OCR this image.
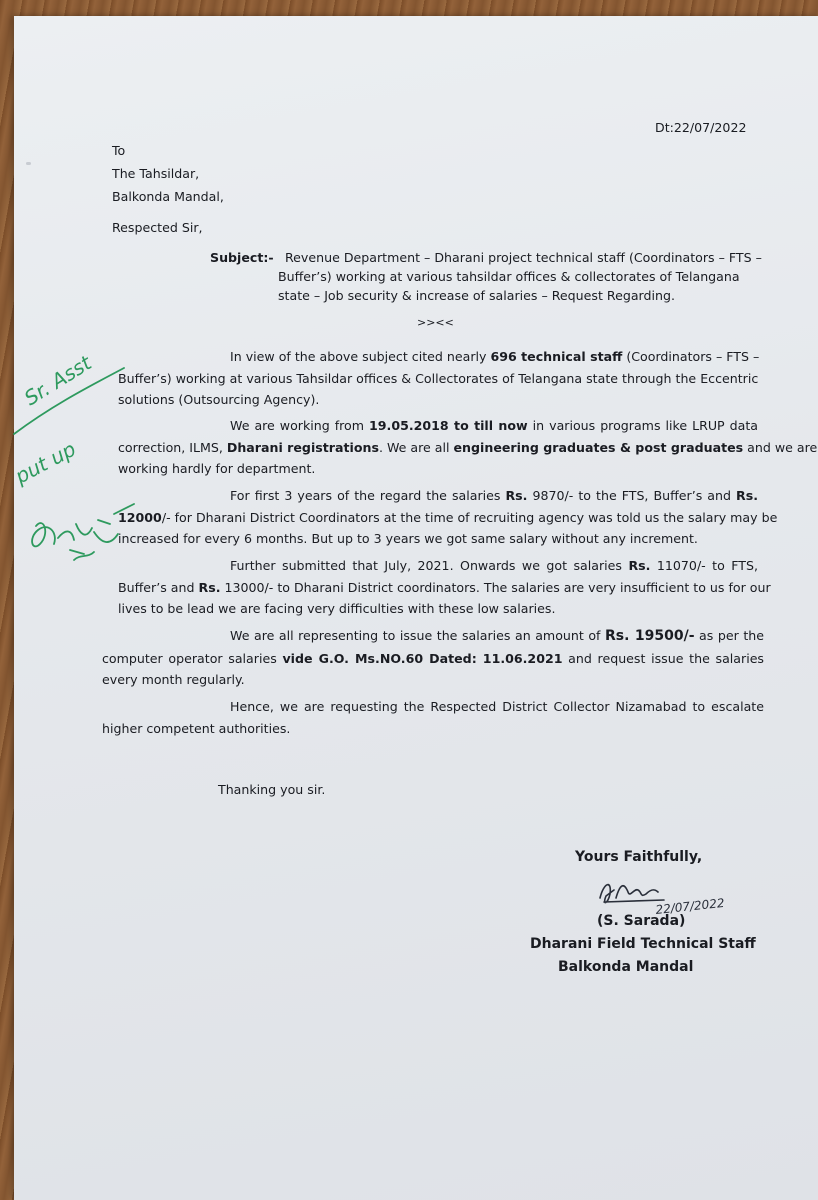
Dt:22/07/2022
To
The Tahsildar,
Balkonda Mandal,
Respected Sir,
Subject:- Revenue Department – Dharani project technical staff (Coordinators – FTS –
Buffer’s) working at various tahsildar offices & collectorates of Telangana
state – Job security & increase of salaries – Request Regarding.
>><<
In view of the above subject cited nearly 696 technical staff (Coordinators – FTS –
Buffer’s) working at various Tahsildar offices & Collectorates of Telangana state through the Eccentric
solutions (Outsourcing Agency).
We are working from 19.05.2018 to till now in various programs like LRUP data
correction, ILMS, Dharani registrations. We are all engineering graduates & post graduates and we are
working hardly for department.
For first 3 years of the regard the salaries Rs. 9870/- to the FTS, Buffer’s and Rs.
12000/- for Dharani District Coordinators at the time of recruiting agency was told us the salary may be
increased for every 6 months. But up to 3 years we got same salary without any increment.
Further submitted that July, 2021. Onwards we got salaries Rs. 11070/- to FTS,
Buffer’s and Rs. 13000/- to Dharani District coordinators. The salaries are very insufficient to us for our
lives to be lead we are facing very difficulties with these low salaries.
We are all representing to issue the salaries an amount of Rs. 19500/- as per the
computer operator salaries vide G.O. Ms.NO.60 Dated: 11.06.2021 and request issue the salaries
every month regularly.
Hence, we are requesting the Respected District Collector Nizamabad to escalate
higher competent authorities.
Thanking you sir.
Yours Faithfully,
22/07/2022
(S. Sarada)
Dharani Field Technical Staff
Balkonda Mandal
Sr. Asst
put up
